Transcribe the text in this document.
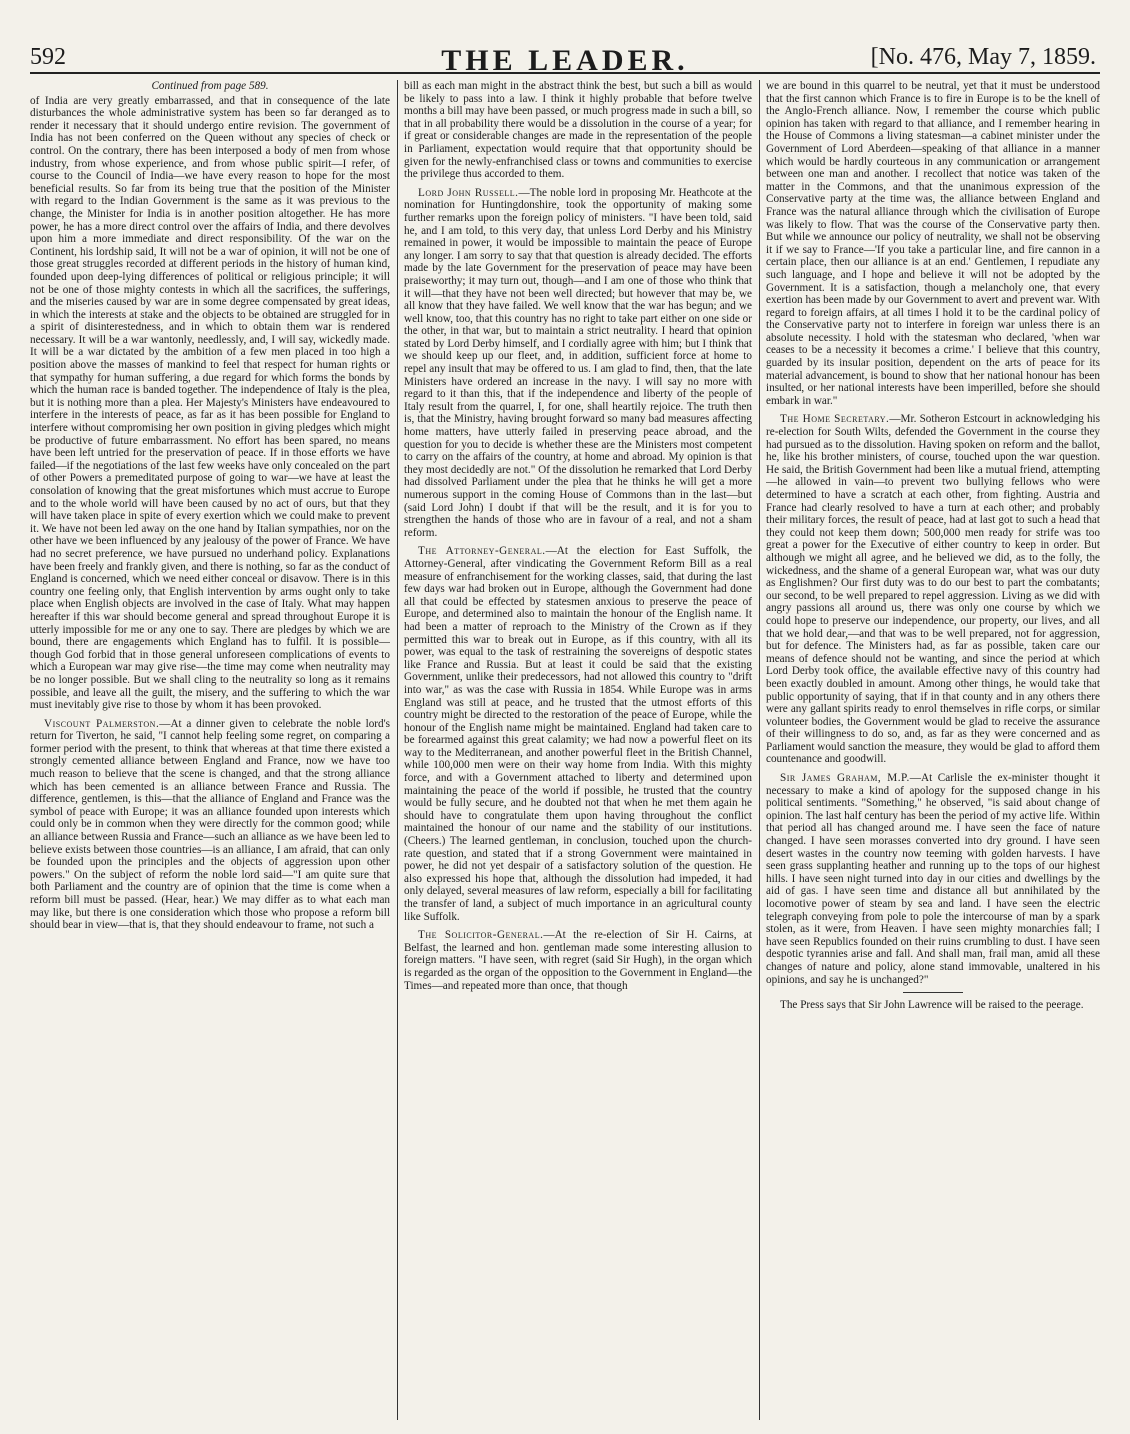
592	THE LEADER.	[No. 476, May 7, 1859.
Continued from page 589.

of India are very greatly embarrassed, and that in consequence of the late disturbances the whole administrative system has been so far deranged as to render it necessary that it should undergo entire revision. The government of India has not been conferred on the Queen without any species of check or control. On the contrary, there has been interposed a body of men from whose industry, from whose experience, and from whose public spirit—I refer, of course to the Council of India—we have every reason to hope for the most beneficial results. So far from its being true that the position of the Minister with regard to the Indian Government is the same as it was previous to the change, the Minister for India is in another position altogether. He has more power, he has a more direct control over the affairs of India, and there devolves upon him a more immediate and direct responsibility. Of the war on the Continent, his lordship said, It will not be a war of opinion, it will not be one of those great struggles recorded at different periods in the history of human kind, founded upon deep-lying differences of political or religious principle; it will not be one of those mighty contests in which all the sacrifices, the sufferings, and the miseries caused by war are in some degree compensated by great ideas, in which the interests at stake and the objects to be obtained are struggled for in a spirit of disinterestedness, and in which to obtain them war is rendered necessary. It will be a war wantonly, needlessly, and, I will say, wickedly made. It will be a war dictated by the ambition of a few men placed in too high a position above the masses of mankind to feel that respect for human rights or that sympathy for human suffering, a due regard for which forms the bonds by which the human race is banded together. The independence of Italy is the plea, but it is nothing more than a plea. Her Majesty's Ministers have endeavoured to interfere in the interests of peace, as far as it has been possible for England to interfere without compromising her own position in giving pledges which might be productive of future embarrassment. No effort has been spared, no means have been left untried for the preservation of peace. If in those efforts we have failed—if the negotiations of the last few weeks have only concealed on the part of other Powers a premeditated purpose of going to war—we have at least the consolation of knowing that the great misfortunes which must accrue to Europe and to the whole world will have been caused by no act of ours, but that they will have taken place in spite of every exertion which we could make to prevent it. We have not been led away on the one hand by Italian sympathies, nor on the other have we been influenced by any jealousy of the power of France. We have had no secret preference, we have pursued no underhand policy. Explanations have been freely and frankly given, and there is nothing, so far as the conduct of England is concerned, which we need either conceal or disavow. There is in this country one feeling only, that English intervention by arms ought only to take place when English objects are involved in the case of Italy. What may happen hereafter if this war should become general and spread throughout Europe it is utterly impossible for me or any one to say. There are pledges by which we are bound, there are engagements which England has to fulfil. It is possible—though God forbid that in those general unforeseen complications of events to which a European war may give rise—the time may come when neutrality may be no longer possible. But we shall cling to the neutrality so long as it remains possible, and leave all the guilt, the misery, and the suffering to which the war must inevitably give rise to those by whom it has been provoked.

Viscount Palmerston.—At a dinner given to celebrate the noble lord's return for Tiverton, he said, "I cannot help feeling some regret, on comparing a former period with the present, to think that whereas at that time there existed a strongly cemented alliance between England and France, now we have too much reason to believe that the scene is changed, and that the strong alliance which has been cemented is an alliance between France and Russia. The difference, gentlemen, is this—that the alliance of England and France was the symbol of peace with Europe; it was an alliance founded upon interests which could only be in common when they were directly for the common good; while an alliance between Russia and France—such an alliance as we have been led to believe exists between those countries—is an alliance, I am afraid, that can only be founded upon the principles and the objects of aggression upon other powers." On the subject of reform the noble lord said—"I am quite sure that both Parliament and the country are of opinion that the time is come when a reform bill must be passed. (Hear, hear.) We may differ as to what each man may like, but there is one consideration which those who propose a reform bill should bear in view—that is, that they should endeavour to frame, not such a

bill as each man might in the abstract think the best, but such a bill as would be likely to pass into a law. I think it highly probable that before twelve months a bill may have been passed, or much progress made in such a bill, so that in all probability there would be a dissolution in the course of a year; for if great or considerable changes are made in the representation of the people in Parliament, expectation would require that that opportunity should be given for the newly-enfranchised class or towns and communities to exercise the privilege thus accorded to them.

Lord John Russell.—The noble lord in proposing Mr. Heathcote at the nomination for Huntingdonshire, took the opportunity of making some further remarks upon the foreign policy of ministers. "I have been told, said he, and I am told, to this very day, that unless Lord Derby and his Ministry remained in power, it would be impossible to maintain the peace of Europe any longer. I am sorry to say that that question is already decided. The efforts made by the late Government for the preservation of peace may have been praiseworthy; it may turn out, though—and I am one of those who think that it will—that they have not been well directed; but however that may be, we all know that they have failed. We well know that the war has begun; and we well know, too, that this country has no right to take part either on one side or the other, in that war, but to maintain a strict neutrality. I heard that opinion stated by Lord Derby himself, and I cordially agree with him; but I think that we should keep up our fleet, and, in addition, sufficient force at home to repel any insult that may be offered to us. I am glad to find, then, that the late Ministers have ordered an increase in the navy. I will say no more with regard to it than this, that if the independence and liberty of the people of Italy result from the quarrel, I, for one, shall heartily rejoice. The truth then is, that the Ministry, having brought forward so many bad measures affecting home matters, have utterly failed in preserving peace abroad, and the question for you to decide is whether these are the Ministers most competent to carry on the affairs of the country, at home and abroad. My opinion is that they most decidedly are not." Of the dissolution he remarked that Lord Derby had dissolved Parliament under the plea that he thinks he will get a more numerous support in the coming House of Commons than in the last—but (said Lord John) I doubt if that will be the result, and it is for you to strengthen the hands of those who are in favour of a real, and not a sham reform.

The Attorney-General.—At the election for East Suffolk, the Attorney-General, after vindicating the Government Reform Bill as a real measure of enfranchisement for the working classes, said, that during the last few days war had broken out in Europe, although the Government had done all that could be effected by statesmen anxious to preserve the peace of Europe, and determined also to maintain the honour of the English name. It had been a matter of reproach to the Ministry of the Crown as if they permitted this war to break out in Europe, as if this country, with all its power, was equal to the task of restraining the sovereigns of despotic states like France and Russia. But at least it could be said that the existing Government, unlike their predecessors, had not allowed this country to "drift into war," as was the case with Russia in 1854. While Europe was in arms England was still at peace, and he trusted that the utmost efforts of this country might be directed to the restoration of the peace of Europe, while the honour of the English name might be maintained. England had taken care to be forearmed against this great calamity; we had now a powerful fleet on its way to the Mediterranean, and another powerful fleet in the British Channel, while 100,000 men were on their way home from India. With this mighty force, and with a Government attached to liberty and determined upon maintaining the peace of the world if possible, he trusted that the country would be fully secure, and he doubted not that when he met them again he should have to congratulate them upon having throughout the conflict maintained the honour of our name and the stability of our institutions. (Cheers.) The learned gentleman, in conclusion, touched upon the church-rate question, and stated that if a strong Government were maintained in power, he did not yet despair of a satisfactory solution of the question. He also expressed his hope that, although the dissolution had impeded, it had only delayed, several measures of law reform, especially a bill for facilitating the transfer of land, a subject of much importance in an agricultural county like Suffolk.

The Solicitor-General.—At the re-election of Sir H. Cairns, at Belfast, the learned and hon. gentleman made some interesting allusion to foreign matters. "I have seen, with regret (said Sir Hugh), in the organ which is regarded as the organ of the opposition to the Government in England—the Times—and repeated more than once, that though

we are bound in this quarrel to be neutral, yet that it must be understood that the first cannon which France is to fire in Europe is to be the knell of the Anglo-French alliance. Now, I remember the course which public opinion has taken with regard to that alliance, and I remember hearing in the House of Commons a living statesman—a cabinet minister under the Government of Lord Aberdeen—speaking of that alliance in a manner which would be hardly courteous in any communication or arrangement between one man and another. I recollect that notice was taken of the matter in the Commons, and that the unanimous expression of the Conservative party at the time was, the alliance between England and France was the natural alliance through which the civilisation of Europe was likely to flow. That was the course of the Conservative party then. But while we announce our policy of neutrality, we shall not be observing it if we say to France—'If you take a particular line, and fire cannon in a certain place, then our alliance is at an end.' Gentlemen, I repudiate any such language, and I hope and believe it will not be adopted by the Government. It is a satisfaction, though a melancholy one, that every exertion has been made by our Government to avert and prevent war. With regard to foreign affairs, at all times I hold it to be the cardinal policy of the Conservative party not to interfere in foreign war unless there is an absolute necessity. I hold with the statesman who declared, 'when war ceases to be a necessity it becomes a crime.' I believe that this country, guarded by its insular position, dependent on the arts of peace for its material advancement, is bound to show that her national honour has been insulted, or her national interests have been imperilled, before she should embark in war."

The Home Secretary.—Mr. Sotheron Estcourt in acknowledging his re-election for South Wilts, defended the Government in the course they had pursued as to the dissolution. Having spoken on reform and the ballot, he, like his brother ministers, of course, touched upon the war question. He said, the British Government had been like a mutual friend, attempting—he allowed in vain—to prevent two bullying fellows who were determined to have a scratch at each other, from fighting. Austria and France had clearly resolved to have a turn at each other; and probably their military forces, the result of peace, had at last got to such a head that they could not keep them down; 500,000 men ready for strife was too great a power for the Executive of either country to keep in order. But although we might all agree, and he believed we did, as to the folly, the wickedness, and the shame of a general European war, what was our duty as Englishmen? Our first duty was to do our best to part the combatants; our second, to be well prepared to repel aggression. Living as we did with angry passions all around us, there was only one course by which we could hope to preserve our independence, our property, our lives, and all that we hold dear,—and that was to be well prepared, not for aggression, but for defence. The Ministers had, as far as possible, taken care our means of defence should not be wanting, and since the period at which Lord Derby took office, the available effective navy of this country had been exactly doubled in amount. Among other things, he would take that public opportunity of saying, that if in that county and in any others there were any gallant spirits ready to enrol themselves in rifle corps, or similar volunteer bodies, the Government would be glad to receive the assurance of their willingness to do so, and, as far as they were concerned and as Parliament would sanction the measure, they would be glad to afford them countenance and goodwill.

Sir James Graham, M.P.—At Carlisle the ex-minister thought it necessary to make a kind of apology for the supposed change in his political sentiments. "Something," he observed, "is said about change of opinion. The last half century has been the period of my active life. Within that period all has changed around me. I have seen the face of nature changed. I have seen morasses converted into dry ground. I have seen desert wastes in the country now teeming with golden harvests. I have seen grass supplanting heather and running up to the tops of our highest hills. I have seen night turned into day in our cities and dwellings by the aid of gas. I have seen time and distance all but annihilated by the locomotive power of steam by sea and land. I have seen the electric telegraph conveying from pole to pole the intercourse of man by a spark stolen, as it were, from Heaven. I have seen mighty monarchies fall; I have seen Republics founded on their ruins crumbling to dust. I have seen despotic tyrannies arise and fall. And shall man, frail man, amid all these changes of nature and policy, alone stand immovable, unaltered in his opinions, and say he is unchanged?"

The Press says that Sir John Lawrence will be raised to the peerage.
